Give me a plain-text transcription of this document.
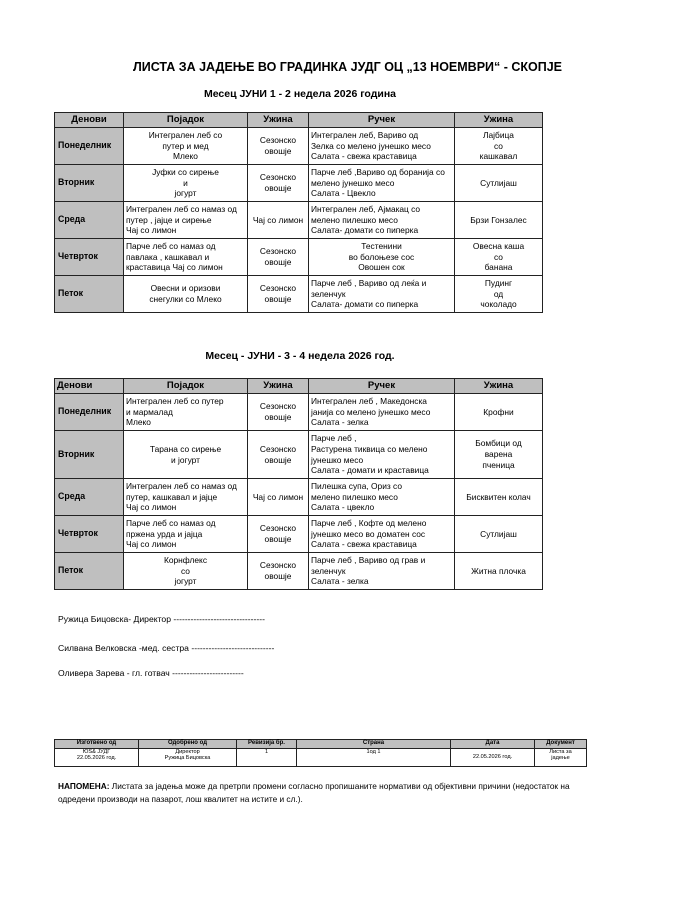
ЛИСТА ЗА ЈАДЕЊЕ ВО ГРАДИНКА ЈУДГ ОЦ „13 НОЕМВРИ“ - СКОПЈЕ
Месец ЈУНИ 1 - 2 недела 2026 година
Денови	Појадок	Ужина	Ручек	Ужина
Понеделник	Интегрален леб со
путер и мед
Млеко	Сезонско
овошје	Интегрален леб, Варивo од
Зелка со мелено јунешко месо
Салата - свежа краставица	Лајбица
со
кашкавал

Вторник	Јуфки со сирење
и
јогурт	Сезонско
овошје	Парче леб ,Варивo од боранија со
мелено јунешко месо
Салата - Цвекло	Сутлијаш

Среда	Интегрален леб со намаз од
путер , јајце и сирење
Чај со лимон	Чај со лимон	Интегрален леб, Ајмакaц со
мелено пилешко месо
Салата- домати со пиперка	Брзи Гонзалес

Четврток	Парче леб со намаз од
павлака , кашкавал и
краставица Чај со лимон	Сезонско
овошје	Тестенини
во болоњезе сос
Овошен сок	Овесна каша
со
банана

Петок	Овесни и оризови
снегулки со Млеко	Сезонско
овошје	Парче леб , Варивo од леќа и
зеленчук
Салата- домати со пиперка	Пудинг
од
чоколадо
Месец - ЈУНИ - 3 - 4 недела 2026 год.
Денови	Појадок	Ужина	Ручек	Ужина
Понеделник	Интегрален леб со путер
и мармалад
Млеко	Сезонско
овошје	Интегрален леб , Македонска
јанија со мелено јунешко месо
Салата - зелка	Крофни

Вторник	Тарана со сирење
и јогурт	Сезонско
овошје	Парче леб ,
Растурена тиквица со мелено
јунешко месо
Салата - домати и краставица	Бомбици од
варена
пченица

Среда	Интегрален леб со намаз од
путер, кашкавал и јајце
Чај со лимон	Чај со лимон	Пилешка супа, Ориз со
мелено пилешко месо
Салата - цвекло	Бисквитен колач

Четврток	Парче леб со намаз од
пржена урда и јајца
Чај со лимон	Сезонско
овошје	Парче леб , Кофте од мелено
јунешко месо во доматен сос
Салата - свежа краставица	Сутлијаш

Петок	Корнфлекс
со
јогурт	Сезонско
овошје	Парче леб , Варивo од грав и
зеленчук
Салата - зелка	Житна плочка
Ружица Бицовска- Директор --------------------------------
Силвана Велковска -мед. сестра -----------------------------
Оливера Зарева - гл. готвач -------------------------
Изготвено од	Одобрено од	Ревизија бр.	Страна	Дата	Документ

ЮЅ& ЈУДГ
22.05.2026 год.	Директор
Ружица Бицовска	1	1од 1	22.05.2026 год.	Листа за
јадење
НАПОМЕНА: Листата за јадења може да претрпи промени согласно пропишаните нормативи од објективни причини (недостаток на одредени производи на пазарот, лош квалитет на истите и сл.).
